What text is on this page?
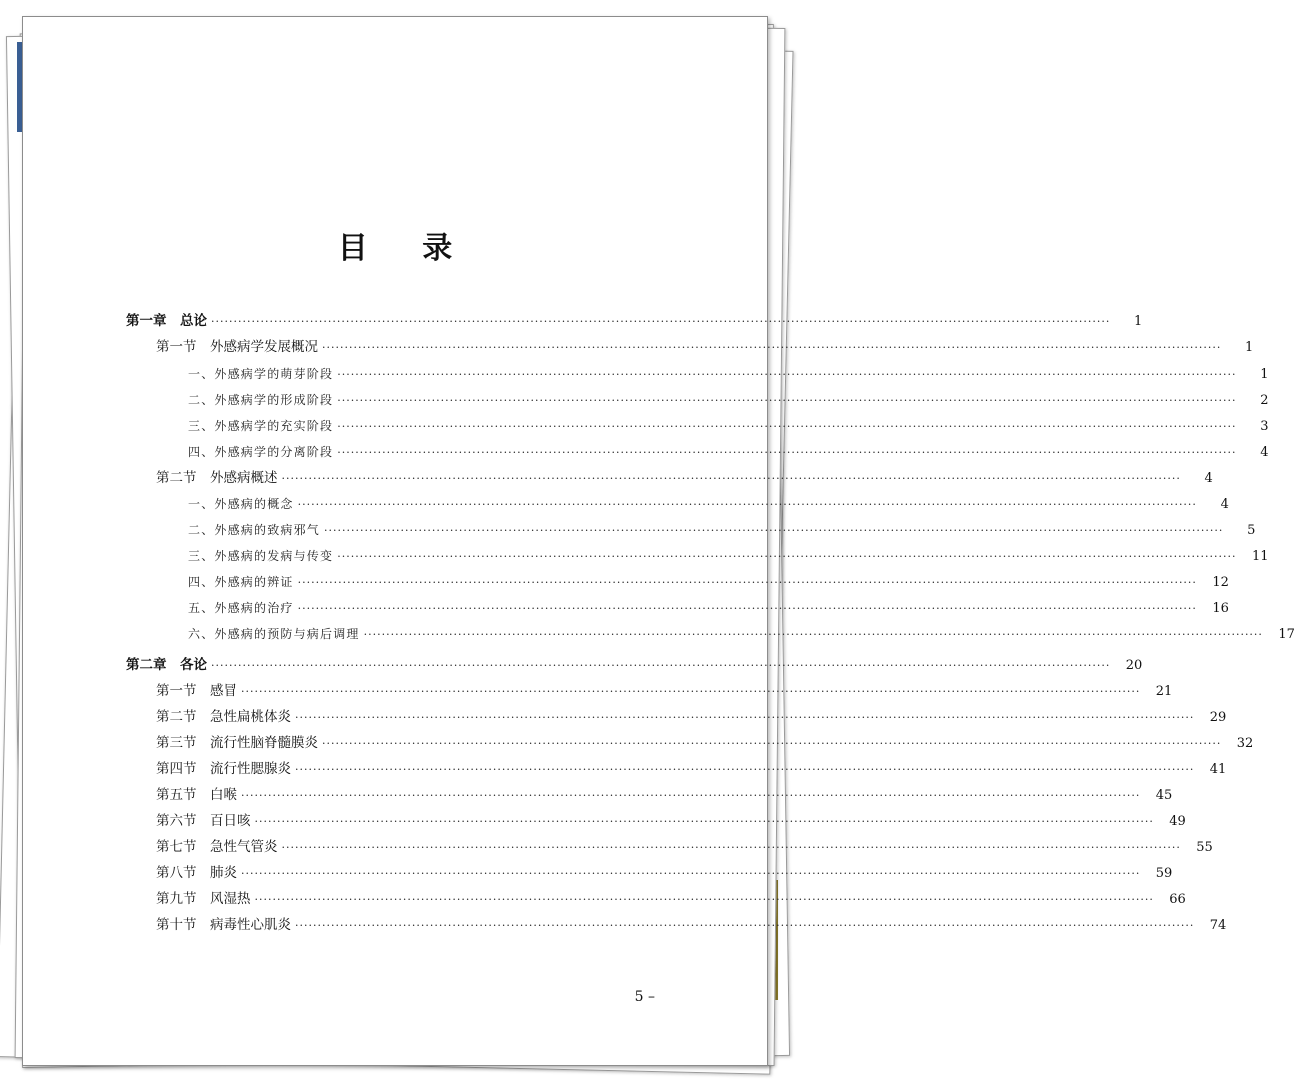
目 录
第一章　总论 ········································································································································································································	1
第一节　外感病学发展概况 ········································································································································································································	1
一、外感病学的萌芽阶段 ········································································································································································································	1
二、外感病学的形成阶段 ········································································································································································································	2
三、外感病学的充实阶段 ········································································································································································································	3
四、外感病学的分离阶段 ········································································································································································································	4
第二节　外感病概述 ········································································································································································································	4
一、外感病的概念 ········································································································································································································	4
二、外感病的致病邪气 ········································································································································································································	5
三、外感病的发病与传变 ········································································································································································································	11
四、外感病的辨证 ········································································································································································································	12
五、外感病的治疗 ········································································································································································································	16
六、外感病的预防与病后调理 ········································································································································································································	17
第二章　各论 ········································································································································································································	20
第一节　感冒 ········································································································································································································	21
第二节　急性扁桃体炎 ········································································································································································································	29
第三节　流行性脑脊髓膜炎 ········································································································································································································	32
第四节　流行性腮腺炎 ········································································································································································································	41
第五节　白喉 ········································································································································································································	45
第六节　百日咳 ········································································································································································································	49
第七节　急性气管炎 ········································································································································································································	55
第八节　肺炎 ········································································································································································································	59
第九节　风湿热 ········································································································································································································	66
第十节　病毒性心肌炎 ········································································································································································································	74
5 –
